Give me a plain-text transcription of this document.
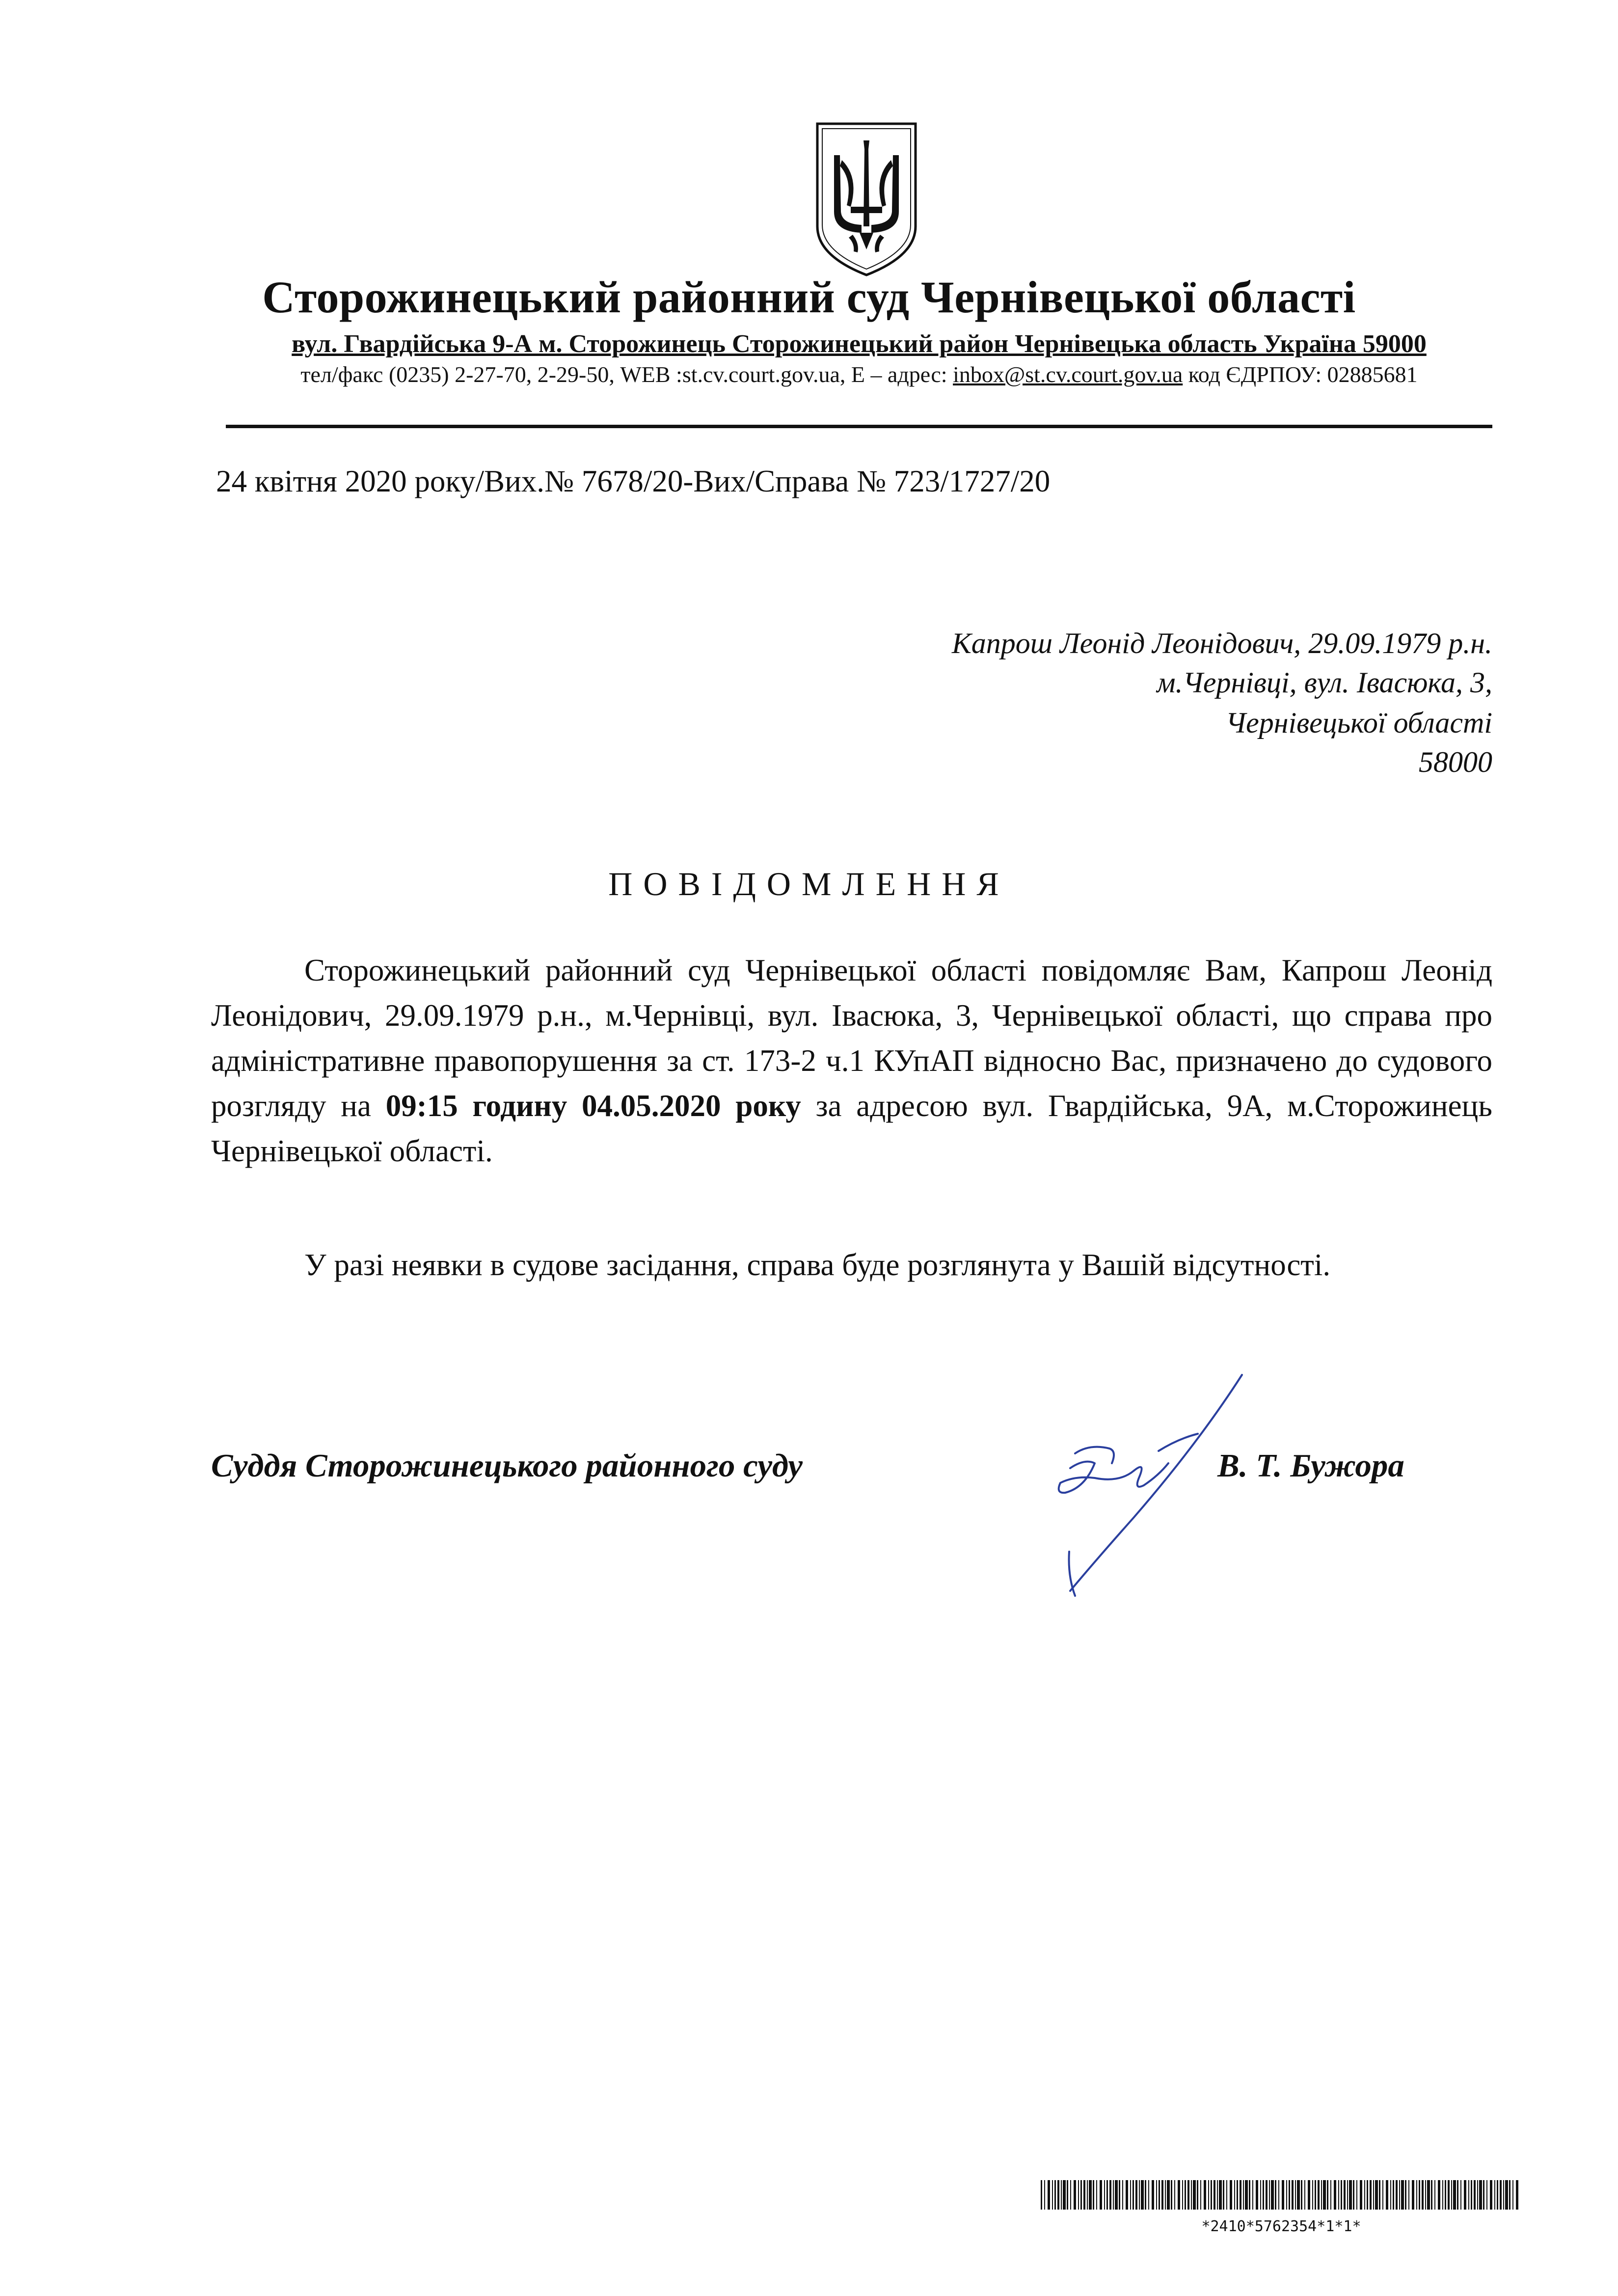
Сторожинецький районний суд Чернівецької області
вул. Гвардійська 9-А м. Сторожинець Сторожинецький район Чернівецька область Україна 59000
тел/факс (0235) 2-27-70, 2-29-50, WEB :st.cv.court.gov.ua, Е – адрес: inbox@st.cv.court.gov.ua код ЄДРПОУ: 02885681
24 квітня 2020 року/Вих.№ 7678/20-Вих/Справа № 723/1727/20
Капрош Леонід Леонідович, 29.09.1979 р.н.
м.Чернівці, вул. Івасюка, 3,
Чернівецької області
58000
ПОВІДОМЛЕННЯ
Сторожинецький районний суд Чернівецької області повідомляє Вам, Капрош Леонід Леонідович, 29.09.1979 р.н., м.Чернівці, вул. Івасюка, 3, Чернівецької області, що справа про адміністративне правопорушення за ст. 173-2 ч.1 КУпАП відносно Вас, призначено до судового розгляду на 09:15 годину 04.05.2020 року за адресою вул. Гвардійська, 9А, м.Сторожинець Чернівецької області.
У разі неявки в судове засідання, справа буде розглянута у Вашій відсутності.
Суддя Сторожинецького районного суду	В. Т. Бужора
*2410*5762354*1*1*
